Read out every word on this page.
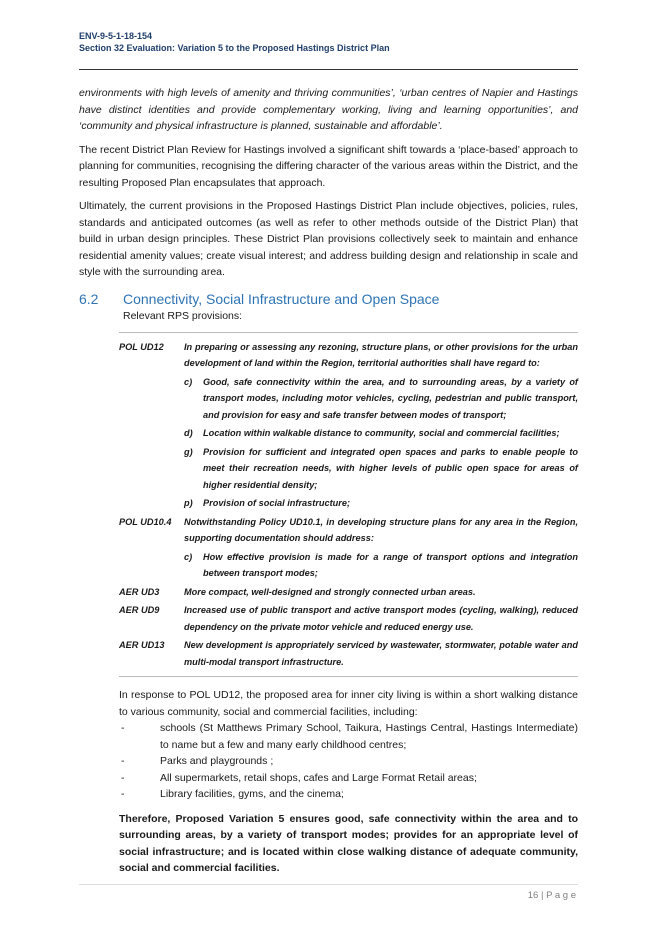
ENV-9-5-1-18-154
Section 32 Evaluation: Variation 5 to the Proposed Hastings District Plan

environments with high levels of amenity and thriving communities’, ‘urban centres of Napier and Hastings have distinct identities and provide complementary working, living and learning opportunities’, and ‘community and physical infrastructure is planned, sustainable and affordable’.

The recent District Plan Review for Hastings involved a significant shift towards a ‘place-based’ approach to planning for communities, recognising the differing character of the various areas within the District, and the resulting Proposed Plan encapsulates that approach.

Ultimately, the current provisions in the Proposed Hastings District Plan include objectives, policies, rules, standards and anticipated outcomes (as well as refer to other methods outside of the District Plan) that build in urban design principles. These District Plan provisions collectively seek to maintain and enhance residential amenity values; create visual interest; and address building design and relationship in scale and style with the surrounding area.

6.2	Connectivity, Social Infrastructure and Open Space
Relevant RPS provisions:
POL UD12	In preparing or assessing any rezoning, structure plans, or other provisions for the urban development of land within the Region, territorial authorities shall have regard to:
c)	Good, safe connectivity within the area, and to surrounding areas, by a variety of transport modes, including motor vehicles, cycling, pedestrian and public transport, and provision for easy and safe transfer between modes of transport;
d)	Location within walkable distance to community, social and commercial facilities;
g)	Provision for sufficient and integrated open spaces and parks to enable people to meet their recreation needs, with higher levels of public open space for areas of higher residential density;
p)	Provision of social infrastructure;
POL UD10.4	Notwithstanding Policy UD10.1, in developing structure plans for any area in the Region, supporting documentation should address:
c)	How effective provision is made for a range of transport options and integration between transport modes;
AER UD3	More compact, well-designed and strongly connected urban areas.
AER UD9	Increased use of public transport and active transport modes (cycling, walking), reduced dependency on the private motor vehicle and reduced energy use.
AER UD13	New development is appropriately serviced by wastewater, stormwater, potable water and multi-modal transport infrastructure.

In response to POL UD12, the proposed area for inner city living is within a short walking distance to various community, social and commercial facilities, including:

-	schools (St Matthews Primary School, Taikura, Hastings Central, Hastings Intermediate) to name but a few and many early childhood centres;
-	Parks and playgrounds ;
-	All supermarkets, retail shops, cafes and Large Format Retail areas;
-	Library facilities, gyms, and the cinema;

Therefore, Proposed Variation 5 ensures good, safe connectivity within the area and to surrounding areas, by a variety of transport modes; provides for an appropriate level of social infrastructure; and is located within close walking distance of adequate community, social and commercial facilities.

16 | P a g e
